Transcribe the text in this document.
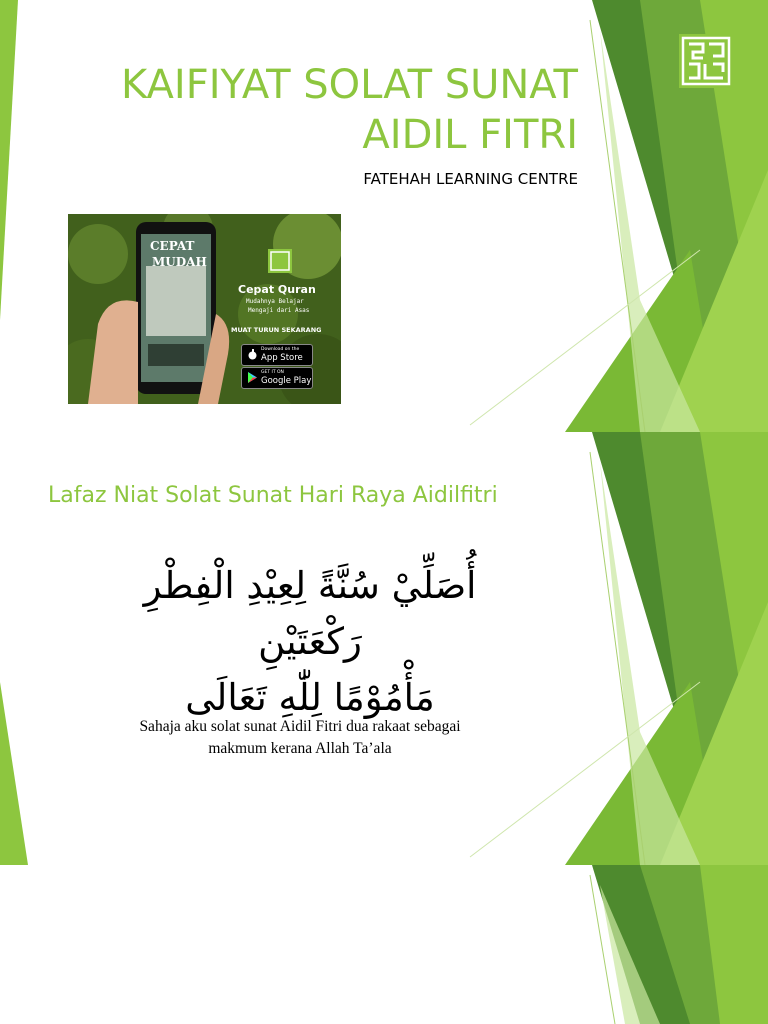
KAIFIYAT SOLAT SUNAT AIDIL FITRI
FATEHAH LEARNING CENTRE
CEPAT
MUDAH
Cepat Quran
Mudahnya Belajar
Mengaji dari Asas
MUAT TURUN SEKARANG
Download on the
App Store
GET IT ON
Google Play
Lafaz Niat Solat Sunat Hari Raya Aidilfitri
أُصَلِّيْ سُنَّةً لِعِيْدِ الْفِطْرِ رَكْعَتَيْنِ
مَأْمُوْمًا لِلّٰهِ تَعَالَى
Sahaja aku solat sunat Aidil Fitri dua rakaat sebagai
makmum kerana Allah Ta’ala
